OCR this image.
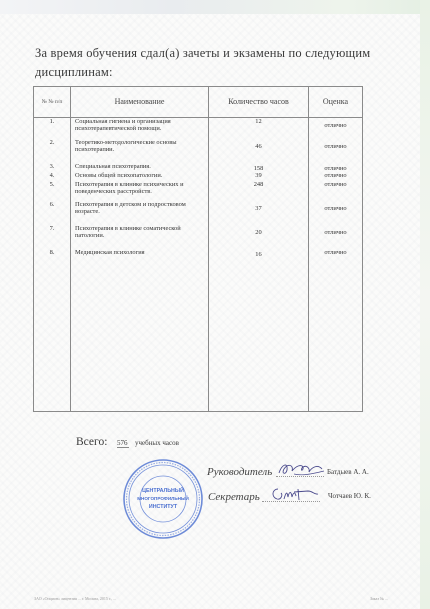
За время обучения сдал(а) зачеты и экзамены по следующим дисциплинам:
№ № п/п	Наименование	Количество часов	Оценка
1.	Социальная гигиена и организация психотерапевтической помощи.	12	отлично
2.	Теоретико-методологические основы психотерапии.	46	отлично
3.	Специальная психотерапия.	158	отлично
4.	Основы общей психопатологии.	39	отлично
5.	Психотерапия в клинике психических и поведенческих расстройств.	248	отлично
6.	Психотерапия в детском и подростковом возрасте.	37	отлично
7.	Психотерапия в клинике соматической патологии.	20	отлично
8.	Медицинская психология	16	отлично

Всего: 576 учебных часов
ЦЕНТРАЛЬНЫЙ
МНОГОПРОФИЛЬНЫЙ
ИНСТИТУТ
Руководитель	Батдыев А. А.
Секретарь	Чотчаев Ю. К.
ЗАО «Опцион» лицензия ... г. Москва, 2015 г., ...	Заказ № ...
